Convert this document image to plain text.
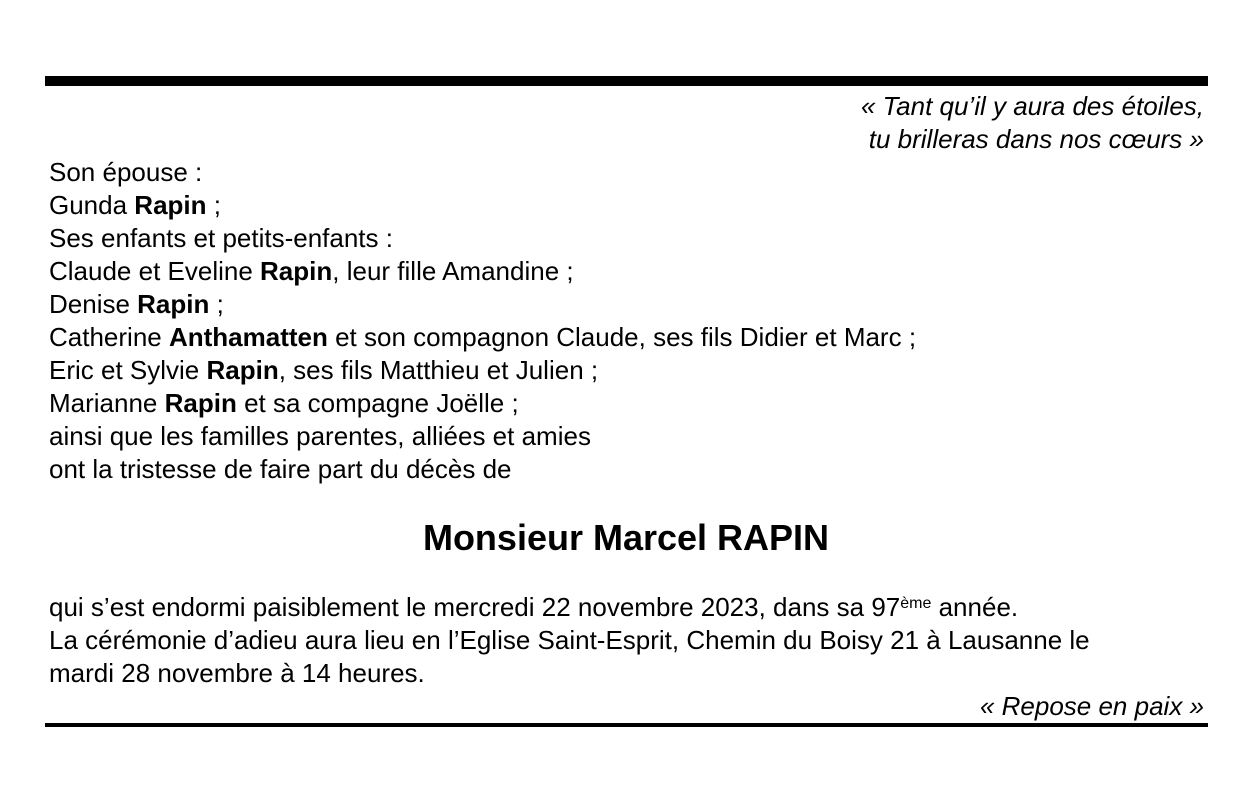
« Tant qu’il y aura des étoiles,
tu brilleras dans nos cœurs »
Son épouse :
Gunda Rapin ;
Ses enfants et petits-enfants :
Claude et Eveline Rapin, leur fille Amandine ;
Denise Rapin ;
Catherine Anthamatten et son compagnon Claude, ses fils Didier et Marc ;
Eric et Sylvie Rapin, ses fils Matthieu et Julien ;
Marianne Rapin et sa compagne Joëlle ;
ainsi que les familles parentes, alliées et amies
ont la tristesse de faire part du décès de
Monsieur Marcel RAPIN
qui s’est endormi paisiblement le mercredi 22 novembre 2023, dans sa 97ème année.
La cérémonie d’adieu aura lieu en l’Eglise Saint-Esprit, Chemin du Boisy 21 à Lausanne le
mardi 28 novembre à 14 heures.
« Repose en paix »
